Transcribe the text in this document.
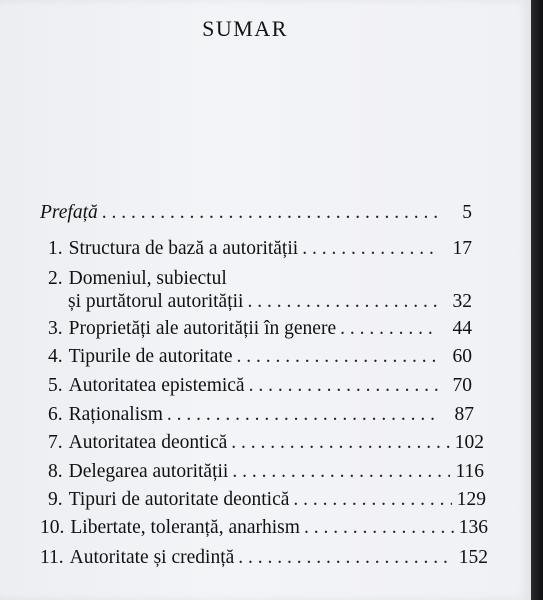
SUMAR
Prefață . . .	5
1. Structura de bază a autorității . . .	17
2. Domeniul, subiectul
și purtătorul autorității . . .	32
3. Proprietăți ale autorității în genere . . .	44
4. Tipurile de autoritate . . .	60
5. Autoritatea epistemică . . .	70
6. Raționalism . . .	87
7. Autoritatea deontică . . .	102
8. Delegarea autorității . . .	116
9. Tipuri de autoritate deontică . . .	129
10. Libertate, toleranță, anarhism . . .	136
11. Autoritate și credință . . .	152
